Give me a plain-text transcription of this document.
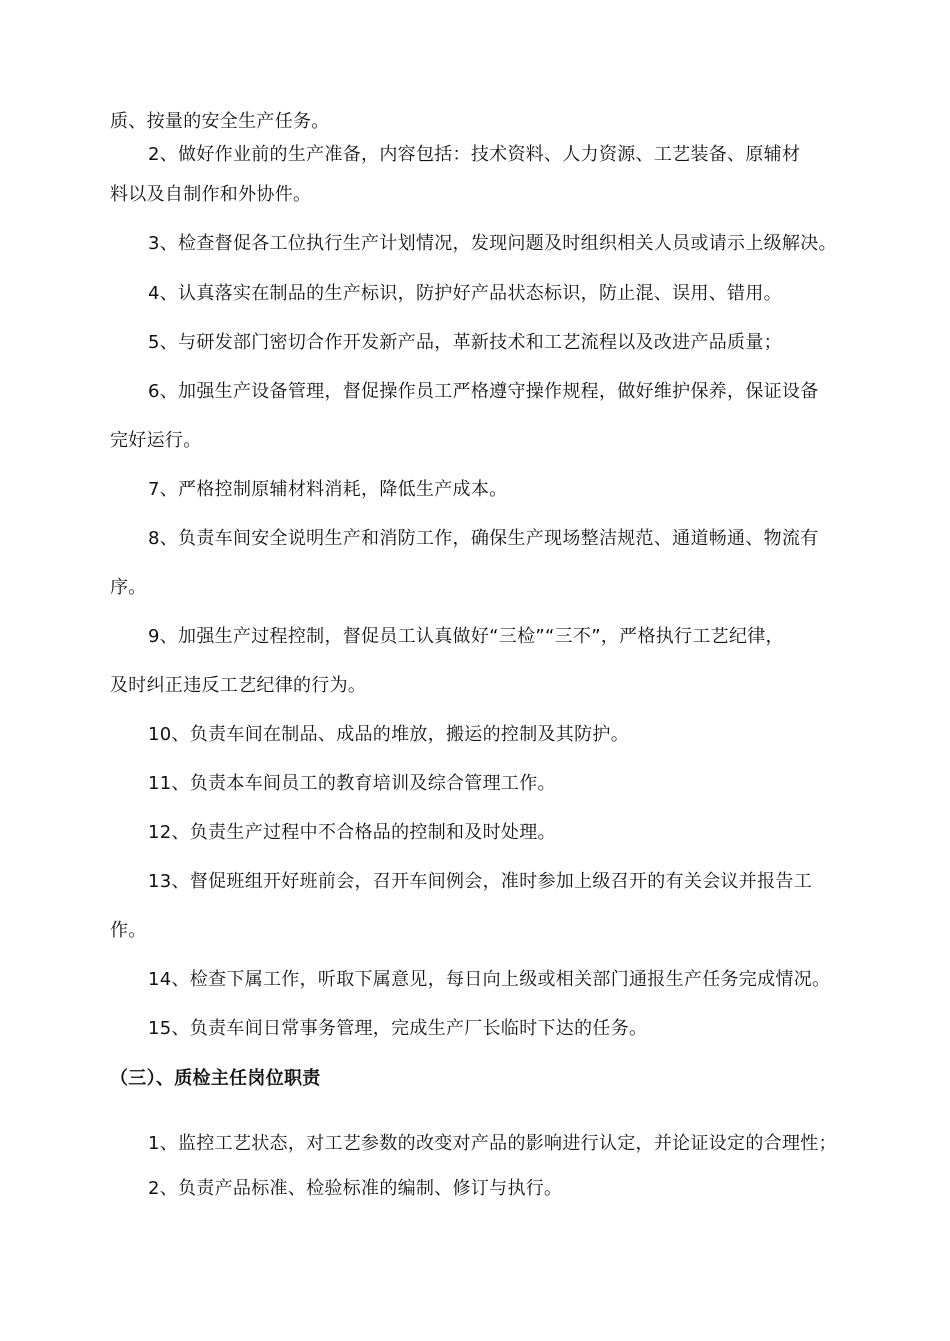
质、按量的安全生产任务。
2、做好作业前的生产准备，内容包括：技术资料、人力资源、工艺装备、原辅材
料以及自制作和外协件。
3、检查督促各工位执行生产计划情况，发现问题及时组织相关人员或请示上级解决。
4、认真落实在制品的生产标识，防护好产品状态标识，防止混、误用、错用。
5、与研发部门密切合作开发新产品，革新技术和工艺流程以及改进产品质量；
6、加强生产设备管理，督促操作员工严格遵守操作规程，做好维护保养，保证设备
完好运行。
7、严格控制原辅材料消耗，降低生产成本。
8、负责车间安全说明生产和消防工作，确保生产现场整洁规范、通道畅通、物流有
序。
9、加强生产过程控制，督促员工认真做好“三检”“三不”，严格执行工艺纪律，
及时纠正违反工艺纪律的行为。
10、负责车间在制品、成品的堆放，搬运的控制及其防护。
11、负责本车间员工的教育培训及综合管理工作。
12、负责生产过程中不合格品的控制和及时处理。
13、督促班组开好班前会，召开车间例会，准时参加上级召开的有关会议并报告工
作。
14、检查下属工作，听取下属意见，每日向上级或相关部门通报生产任务完成情况。
15、负责车间日常事务管理，完成生产厂长临时下达的任务。
（三）、质检主任岗位职责
1、监控工艺状态，对工艺参数的改变对产品的影响进行认定，并论证设定的合理性；
2、负责产品标准、检验标准的编制、修订与执行。
